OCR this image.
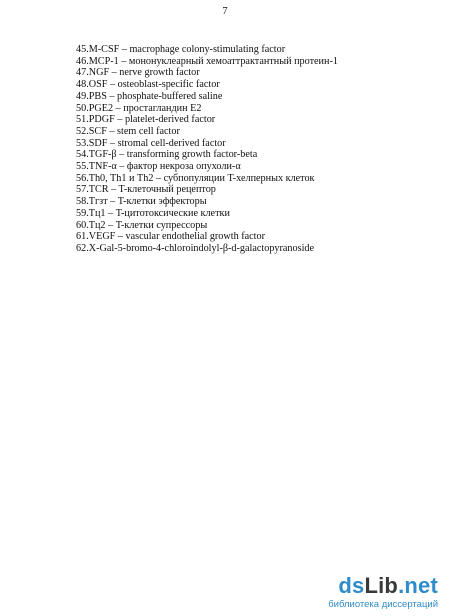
7
45.M-CSF – macrophage colony-stimulating factor
46.MCP-1 – мононуклеарный хемоаттрактантный протеин-1
47.NGF – nerve growth factor
48.OSF – osteoblast-specific factor
49.PBS – phosphate-buffered saline
50.PGE2 – простагландин E2
51.PDGF – platelet-derived factor
52.SCF – stem cell factor
53.SDF – stromal cell-derived factor
54.TGF-β – transforming growth factor-beta
55.TNF-α – фактор некроза опухоли-α
56.Th0, Th1 и Th2 – субпопуляции T-хелперных клеток
57.TCR – T-клеточный рецептор
58.Tгзт – T-клетки эффекторы
59.Tц1 – T-цитотоксические клетки
60.Tц2 – T-клетки супрессоры
61.VEGF – vascular endothelial growth factor
62.X-Gal-5-bromo-4-chloroindolyl-β-d-galactopyranoside
dsLib.net
библиотека диссертаций
